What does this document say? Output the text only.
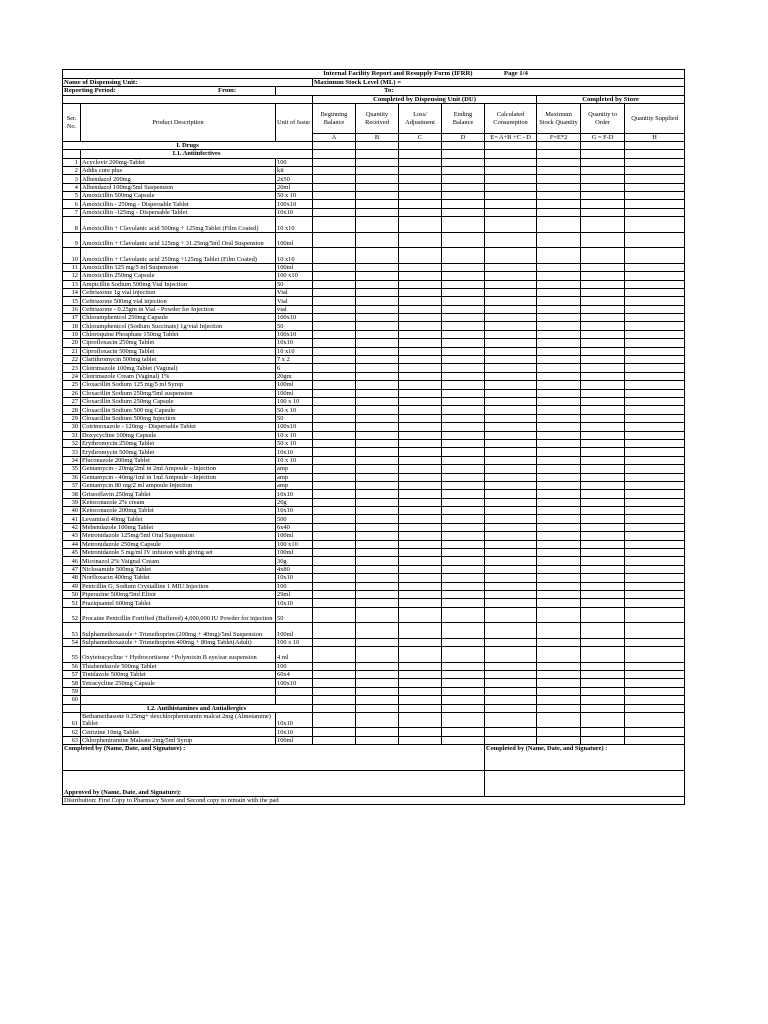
		Internal Facility Report and Resupply Form (IFRR) Page 1/4								
Name of Dispensing Unit:			Maximum Stock Level (ML) =							
Reporting Period: From:		To:								
			Completed by Dispensing Unit (DU)					Completed by Store		
Ser. No.	Product Description	Unit of Issue	Beginning Balance	Quantity Received	Loss/ Adjustment	Ending Balance	Calculated Consumption	Maximum Stock Quantity	Quantity to Order	Quantity Supplied
			A	B	C	D	E= A+B +C - D	F=E*2	G = F-D	H
I. Drugs										
	I.1. Antiinfectives									
1	Acyclovir 200mg-Tablet	100								
2	Addis cure plus	kit								
3	Albendazol 200mg	2x50								
4	Albendazol 100mg/5ml Suspension	20ml								
5	Amoxicillin 500mg Capsule	50 x 10								
6	Amoxicillin - 250mg - Dispersable Tablet	100x10								
7	Amoxicillin -125mg - Dispersable Tablet	10x10								
8	Amoxicillin + Clavulanic acid 500mg + 125mg Tablet (Film Coated)	10 x10								
9	Amoxicillin + Clavulanic acid 125mg + 31.25mg/5ml Oral Suspension	100ml								
10	Amoxicillin + Clavulanic acid 250mg +125mg Tablet (Film Coated)	10 x10								
11	Amoxicillin 125 mg/5 ml Suspension	100ml								
12	Amoxicillin 250mg Capsule	100 x10								
13	Ampicillin Sodium 500mg Vial Injection	50								
14	Ceftriaxone 1g vial injection	Vial								
15	Ceftriaxone 500mg vial injection	Vial								
16	Ceftriaxone - 0.25gm in Vial - Powder for Injection	vial								
17	Chloramphenicol 250mg Capsule	100x10								
18	Chloramphenicol (Sodium Succinate) 1g/vial Injection	50								
19	Chloroquine Phosphate 150mg Tablet	100x10								
20	Ciprofloxacin 250mg Tablet	10x10								
21	Ciprofloxacin 500mg Tablet	10 x10								
22	Clarithromycin 500mg tablet	7 x 2								
23	Clotrimazole 100mg Tablet (Vaginal)	6								
24	Clotrimazole Cream (Vaginal) 1%	20gm								
25	Cloxacillin Sodium 125 mg/5 ml Syrup	100ml								
26	Cloxacillin Sodium 250mg/5ml suspension	100ml								
27	Cloxacillin Sodium 250mg Capsule	100 x 10								
28	Cloxacillin Sodium 500 mg Capsule	50 x 10								
29	Cloxacillin Sodium 500mg Injection	50								
30	Cotrimoxazole - 120mg - Dispersable Tablet	100x10								
31	Doxycycline 100mg Capsule	10 x 10								
32	Erythromycin 250mg Tablet	50 x 10								
33	Erythromycin 500mg Tablet	10x10								
34	Fluconazole 200mg Tablet	10 x 10								
35	Gentamycin - 20mg/2ml in 2ml Ampoule - Injection	amp								
36	Gentamycin - 40mg/1ml in 1ml Ampoule - Injection	amp								
37	Gentamycin 80 mg/2 ml ampoule Injection	amp								
38	Griseoflavin 250mg Tablet	10x10								
39	Ketoconazole 2% cream	20g								
40	Ketoconazole 200mg Tablet	10x10								
41	Levamisol 40mg Tablet	500								
42	Mebendazole 100mg Tablet	6x40								
43	Metronidazole 125mg/5ml Oral Suspension	100ml								
44	Metronidazole 250mg Capsule	100 x10								
45	Metronidazole 5 mg/ml IV infusion with giving set	100ml								
46	Miconazol 2% Vaignal Cream	30g								
47	Niclosamide 500mg Tablet	4x80								
48	Norfloxacin 400mg Tablet	10x10								
49	Penicillin G, Sodium Crystalline 1 MIU Injection	100								
50	Piperazine 500mg/5ml Elixir	29ml								
51	Praziquantel 600mg Tablet	10x10								
52	Procaine Penicillin Fortified (Buffered) 4,000,000 IU Powder for injection	50								
53	Sulphamethoxazole + Trimethoprim (200mg + 40mg)/5ml Suspension	100ml								
54	Sulphamethoxazole + Trimethoprim 400mg + 80mg Tablet(Adult)	100 x 10								
55	Oxytetracycline + Hydrocortisone +Polymixin B eye/ear suspension	4 ml								
56	Thiabendazole 500mg Tablet	100								
57	Tinidazole 500mg Tablet	60x4								
58	Tetracycline 250mg Capsule	100x10								
59										
60										
	I.2. Antihistamines and Antiallergics									
61	Bethamethasone 0.25mg+ dexchlorpheniramin malcat 2mg (Almetamine) Tablet	10x10								
62	Cetrizine 10mg Tablet	10x10								
63	Chlorpheniramine Maleate 2mg/5ml Syrup	100ml								
Completed by (Name, Date, and Signature) :							Completed by (Name, Date, and Signature) :			
Approved by (Name, Date, and Signature):										
Distribution: First Copy to Pharmacy Store and Second copy to remain with the pad										
